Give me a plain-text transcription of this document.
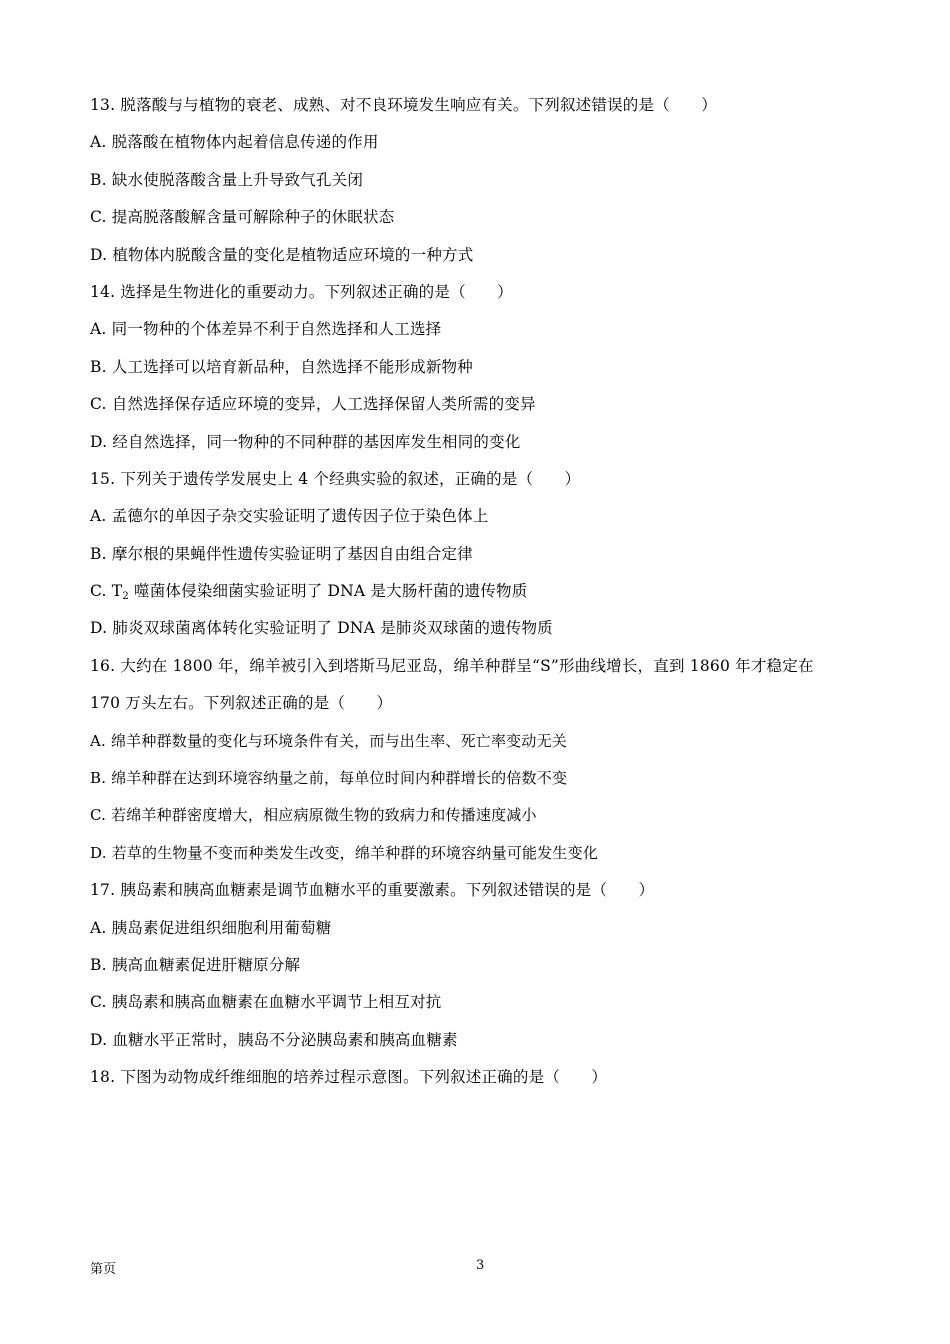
13. 脱落酸与与植物的衰老、成熟、对不良环境发生响应有关。下列叙述错误的是（　　）
A. 脱落酸在植物体内起着信息传递的作用
B. 缺水使脱落酸含量上升导致气孔关闭
C. 提高脱落酸解含量可解除种子的休眠状态
D. 植物体内脱酸含量的变化是植物适应环境的一种方式
14. 选择是生物进化的重要动力。下列叙述正确的是（　　）
A. 同一物种的个体差异不利于自然选择和人工选择
B. 人工选择可以培育新品种，自然选择不能形成新物种
C. 自然选择保存适应环境的变异，人工选择保留人类所需的变异
D. 经自然选择，同一物种的不同种群的基因库发生相同的变化
15. 下列关于遗传学发展史上 4 个经典实验的叙述，正确的是（　　）
A. 孟德尔的单因子杂交实验证明了遗传因子位于染色体上
B. 摩尔根的果蝇伴性遗传实验证明了基因自由组合定律
C. $T_2$ 噬菌体侵染细菌实验证明了 DNA 是大肠杆菌的遗传物质
D. 肺炎双球菌离体转化实验证明了 DNA 是肺炎双球菌的遗传物质
16. 大约在 1800 年，绵羊被引入到塔斯马尼亚岛，绵羊种群呈“S”形曲线增长，直到 1860 年才稳定在
170 万头左右。下列叙述正确的是（　　）
A. 绵羊种群数量的变化与环境条件有关，而与出生率、死亡率变动无关
B. 绵羊种群在达到环境容纳量之前，每单位时间内种群增长的倍数不变
C. 若绵羊种群密度增大，相应病原微生物的致病力和传播速度减小
D. 若草的生物量不变而种类发生改变，绵羊种群的环境容纳量可能发生变化
17. 胰岛素和胰高血糖素是调节血糖水平的重要激素。下列叙述错误的是（　　）
A. 胰岛素促进组织细胞利用葡萄糖
B. 胰高血糖素促进肝糖原分解
C. 胰岛素和胰高血糖素在血糖水平调节上相互对抗
D. 血糖水平正常时，胰岛不分泌胰岛素和胰高血糖素
18. 下图为动物成纤维细胞的培养过程示意图。下列叙述正确的是（　　）
第页	3
